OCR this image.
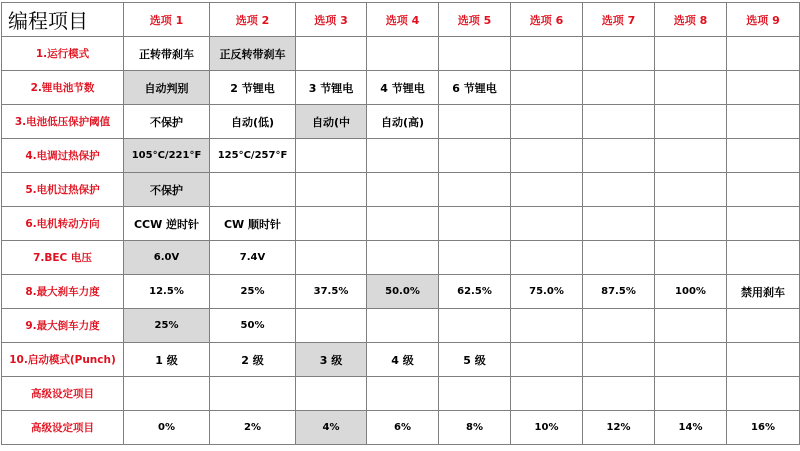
编程项目	选项 1	选项 2	选项 3	选项 4	选项 5	选项 6	选项 7	选项 8	选项 9
1.运行模式	正转带刹车	正反转带刹车							
2.锂电池节数	自动判别	2 节锂电	3 节锂电	4 节锂电	6 节锂电				
3.电池低压保护阈值	不保护	自动(低)	自动(中	自动(高)					
4.电调过热保护	105°C/221°F	125°C/257°F							
5.电机过热保护	不保护								
6.电机转动方向	CCW 逆时针	CW 顺时针							
7.BEC 电压	6.0V	7.4V							
8.最大刹车力度	12.5%	25%	37.5%	50.0%	62.5%	75.0%	87.5%	100%	禁用刹车
9.最大倒车力度	25%	50%							
10.启动模式(Punch)	1 级	2 级	3 级	4 级	5 级				
高级设定项目									
高级设定项目	0%	2%	4%	6%	8%	10%	12%	14%	16%
